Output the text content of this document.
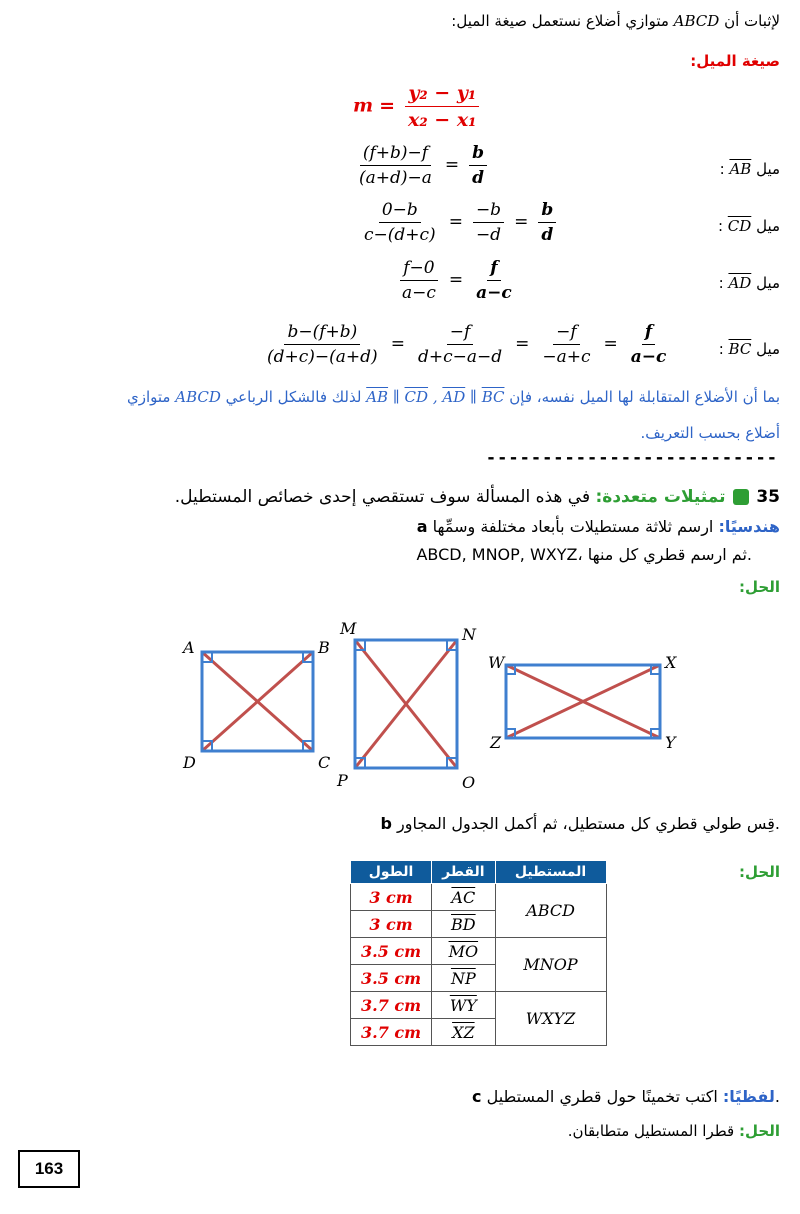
لإثبات أن ABCD متوازي أضلاع نستعمل صيغة الميل:
صيغة الميل:
$m = \frac{\text{y₂ − y₁}}{\text{x₂ − x₁}}$
$\frac{(f+b)-f}{(a+d)-a} = \frac{b}{d}$	ميل AB :
$\frac{0-b}{c-(d+c)} = \frac{-b}{-d} = \frac{b}{d}$	ميل CD :
$\frac{f-0}{a-c} = \frac{f}{a-c}$	ميل AD :
$\frac{b-(f+b)}{(d+c)-(a+d)} = \frac{-f}{d+c-a-d} = \frac{-f}{-a+c} = \frac{f}{a-c}$	ميل BC :
بما أن الأضلاع المتقابلة لها الميل نفسه، فإن $\overline{AB}$ ∥ $\overline{CD}$ , $\overline{AD}$ ∥ $\overline{BC}$ لذلك فالشكل الرباعي ABCD متوازي
أضلاع بحسب التعريف.
--------------------------
35  تمثيلات متعددة: في هذه المسألة سوف تستقصي إحدى خصائص المستطيل.
a	هندسيًا: ارسم ثلاثة مستطيلات بأبعاد مختلفة وسمِّها
ABCD, MNOP, WXYZ، ثم ارسم قطري كل منها.
الحل:
A	B
D	C
M	N
P	O
W	X
Z	Y
b قِس طولي قطري كل مستطيل، ثم أكمل الجدول المجاور.
الحل:
الطول	القطر	المستطيل
3 cm	$\overline{AC}$	ABCD
3 cm	$\overline{BD}$
3.5 cm	$\overline{MO}$	MNOP
3.5 cm	$\overline{NP}$
3.7 cm	$\overline{WY}$	WXYZ
3.7 cm	$\overline{XZ}$
c	لفظيًا: اكتب تخمينًا حول قطري المستطيل.
الحل: قطرا المستطيل متطابقان.
163
